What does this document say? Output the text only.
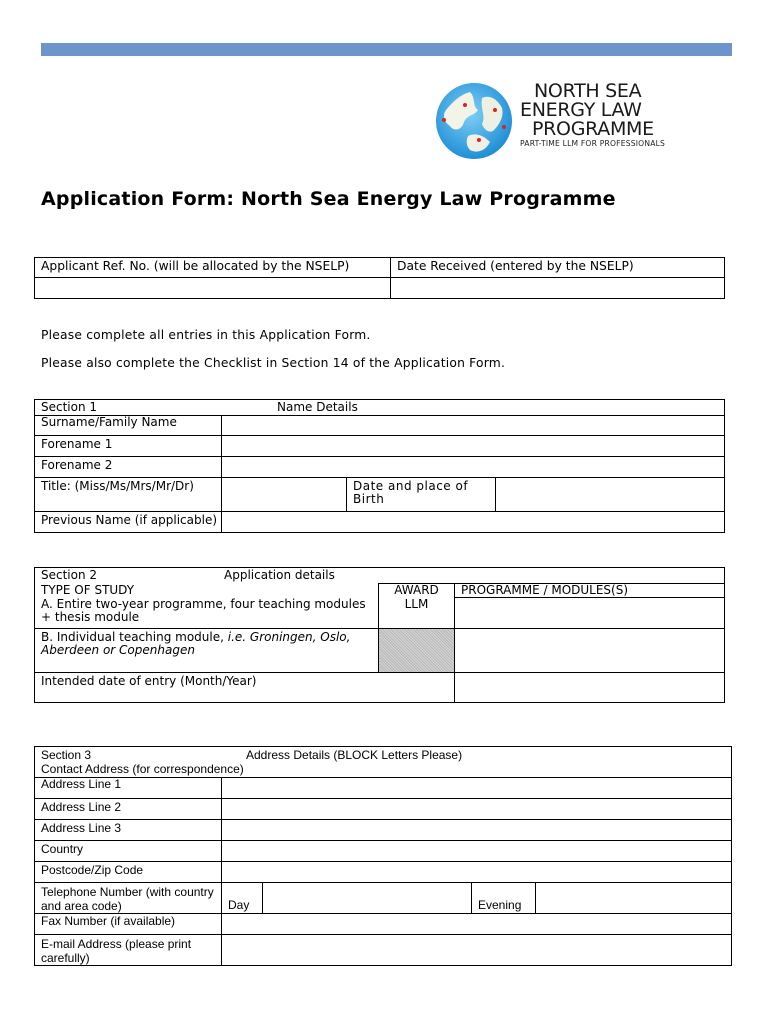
NORTH SEA
ENERGY LAW
PROGRAMME
PART-TIME LLM FOR PROFESSIONALS
Application Form: North Sea Energy Law Programme
Applicant Ref. No. (will be allocated by the NSELP)	Date Received (entered by the NSELP)

Please complete all entries in this Application Form.
Please also complete the Checklist in Section 14 of the Application Form.
Section 1 Name Details			

Surname/Family Name			
Forename 1			
Forename 2			
Title: (Miss/Ms/Mrs/Mr/Dr)		Date and place of Birth	

Previous Name (if applicable)			

Section 2 Application details		

TYPE OF STUDY	AWARD	PROGRAMME / MODULES(S)
A. Entire two-year programme, four teaching modules + thesis module	LLM	
B. Individual teaching module, i.e. Groningen, Oslo, Aberdeen or Copenhagen		
Intended date of entry (Month/Year)		
Section 3 Address Details (BLOCK Letters Please)				

Contact Address (for correspondence)				
Address Line 1				
Address Line 2				
Address Line 3				
Country				
Postcode/Zip Code				
Telephone Number (with country and area code)	Day		Evening	
Fax Number (if available)				
E-mail Address (please print carefully)				
